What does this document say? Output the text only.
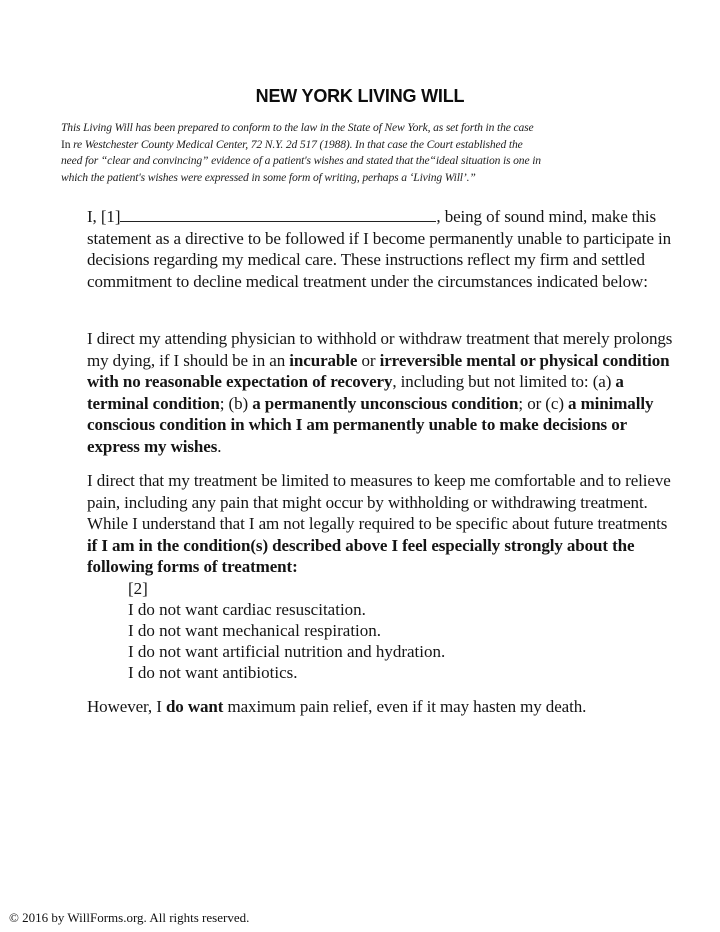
NEW YORK LIVING WILL
This Living Will has been prepared to conform to the law in the State of New York, as set forth in the case
In re Westchester County Medical Center, 72 N.Y. 2d 517 (1988). In that case the Court established the
need for “clear and convincing” evidence of a patient's wishes and stated that the“ideal situation is one in
which the patient's wishes were expressed in some form of writing, perhaps a ‘Living Will’.”
I, [1]	, being of sound mind, make this statement as a directive to be followed if I become permanently unable to participate in decisions regarding my medical care. These instructions reflect my firm and settled commitment to decline medical treatment under the circumstances indicated below:
I direct my attending physician to withhold or withdraw treatment that merely prolongs my dying, if I should be in an incurable or irreversible mental or physical condition with no reasonable expectation of recovery, including but not limited to: (a) a terminal condition; (b) a permanently unconscious condition; or (c) a minimally conscious condition in which I am permanently unable to make decisions or express my wishes.
I direct that my treatment be limited to measures to keep me comfortable and to relieve pain, including any pain that might occur by withholding or withdrawing treatment. While I understand that I am not legally required to be specific about future treatments if I am in the condition(s) described above I feel especially strongly about the following forms of treatment:
[2]
I do not want cardiac resuscitation.
I do not want mechanical respiration.
I do not want artificial nutrition and hydration.
I do not want antibiotics.
However, I do want maximum pain relief, even if it may hasten my death.
© 2016 by WillForms.org. All rights reserved.
